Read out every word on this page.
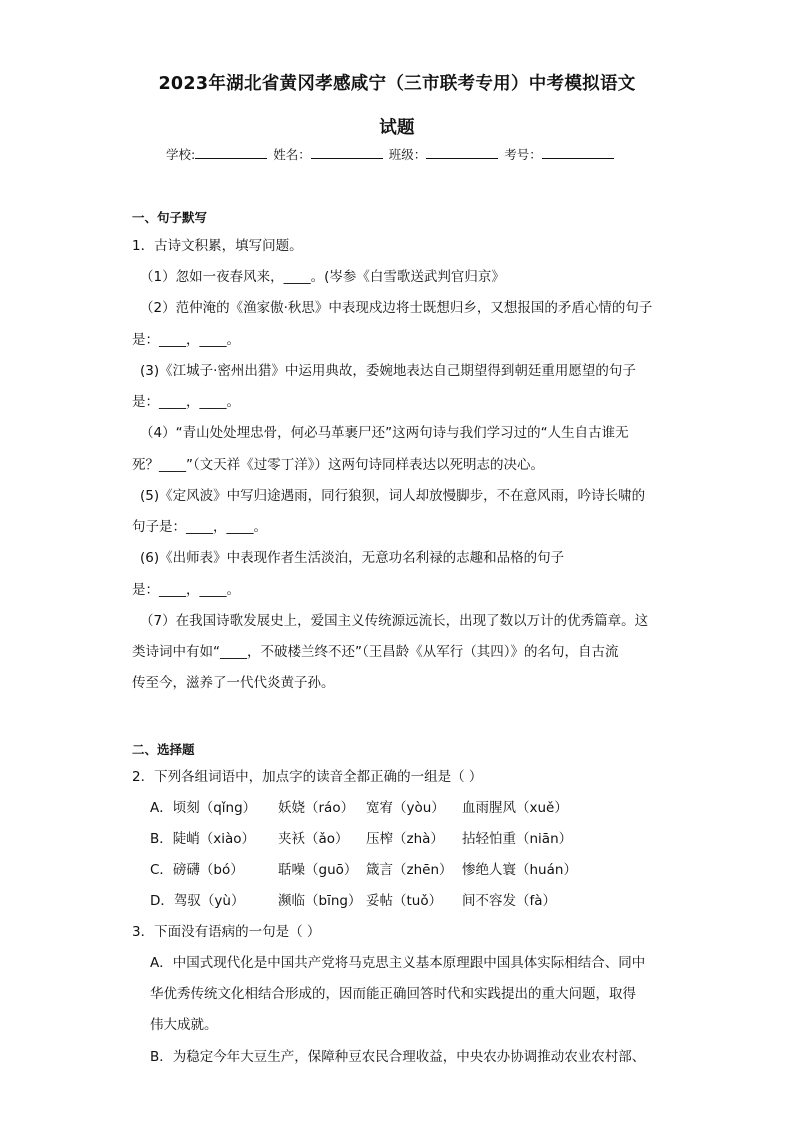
2023年湖北省黄冈孝感咸宁（三市联考专用）中考模拟语文
试题
学校:	姓名：	班级：	考号：
一、句子默写
1．古诗文积累，填写问题。
（1）忽如一夜春风来，____。(岑参《白雪歌送武判官归京》
（2）范仲淹的《渔家傲·秋思》中表现戍边将士既想归乡，又想报国的矛盾心情的句子
是：____，____。
(3)《江城子·密州出猎》中运用典故，委婉地表达自己期望得到朝廷重用愿望的句子
是：____，____。
（4）“青山处处埋忠骨，何必马革裹尸还”这两句诗与我们学习过的“人生自古谁无
死？____”（文天祥《过零丁洋》）这两句诗同样表达以死明志的决心。
(5)《定风波》中写归途遇雨，同行狼狈，词人却放慢脚步，不在意风雨，吟诗长啸的
句子是：____，____。
(6)《出师表》中表现作者生活淡泊，无意功名利禄的志趣和品格的句子
是：____，____。
（7）在我国诗歌发展史上，爱国主义传统源远流长，出现了数以万计的优秀篇章。这
类诗词中有如“____，不破楼兰终不还”（王昌龄《从军行（其四）》的名句，自古流
传至今，滋养了一代代炎黄子孙。
二、选择题
2．下列各组词语中，加点字的读音全都正确的一组是（ ）
A．顷刻（qǐng） 妖娆（ráo） 宽宥（yòu） 血雨腥风（xuě）
B．陡峭（xiào） 夹袄（ǎo） 压榨（zhà） 拈轻怕重（niān）
C．磅礴（bó）	聒噪（guō） 箴言（zhēn） 惨绝人寰（huán）
D．驾驭（yù） 濒临（bīng） 妥帖（tuǒ） 间不容发（fà）
3．下面没有语病的一句是（ ）
A．中国式现代化是中国共产党将马克思主义基本原理跟中国具体实际相结合、同中
华优秀传统文化相结合形成的，因而能正确回答时代和实践提出的重大问题，取得
伟大成就。
B．为稳定今年大豆生产，保障种豆农民合理收益，中央农办协调推动农业农村部、
